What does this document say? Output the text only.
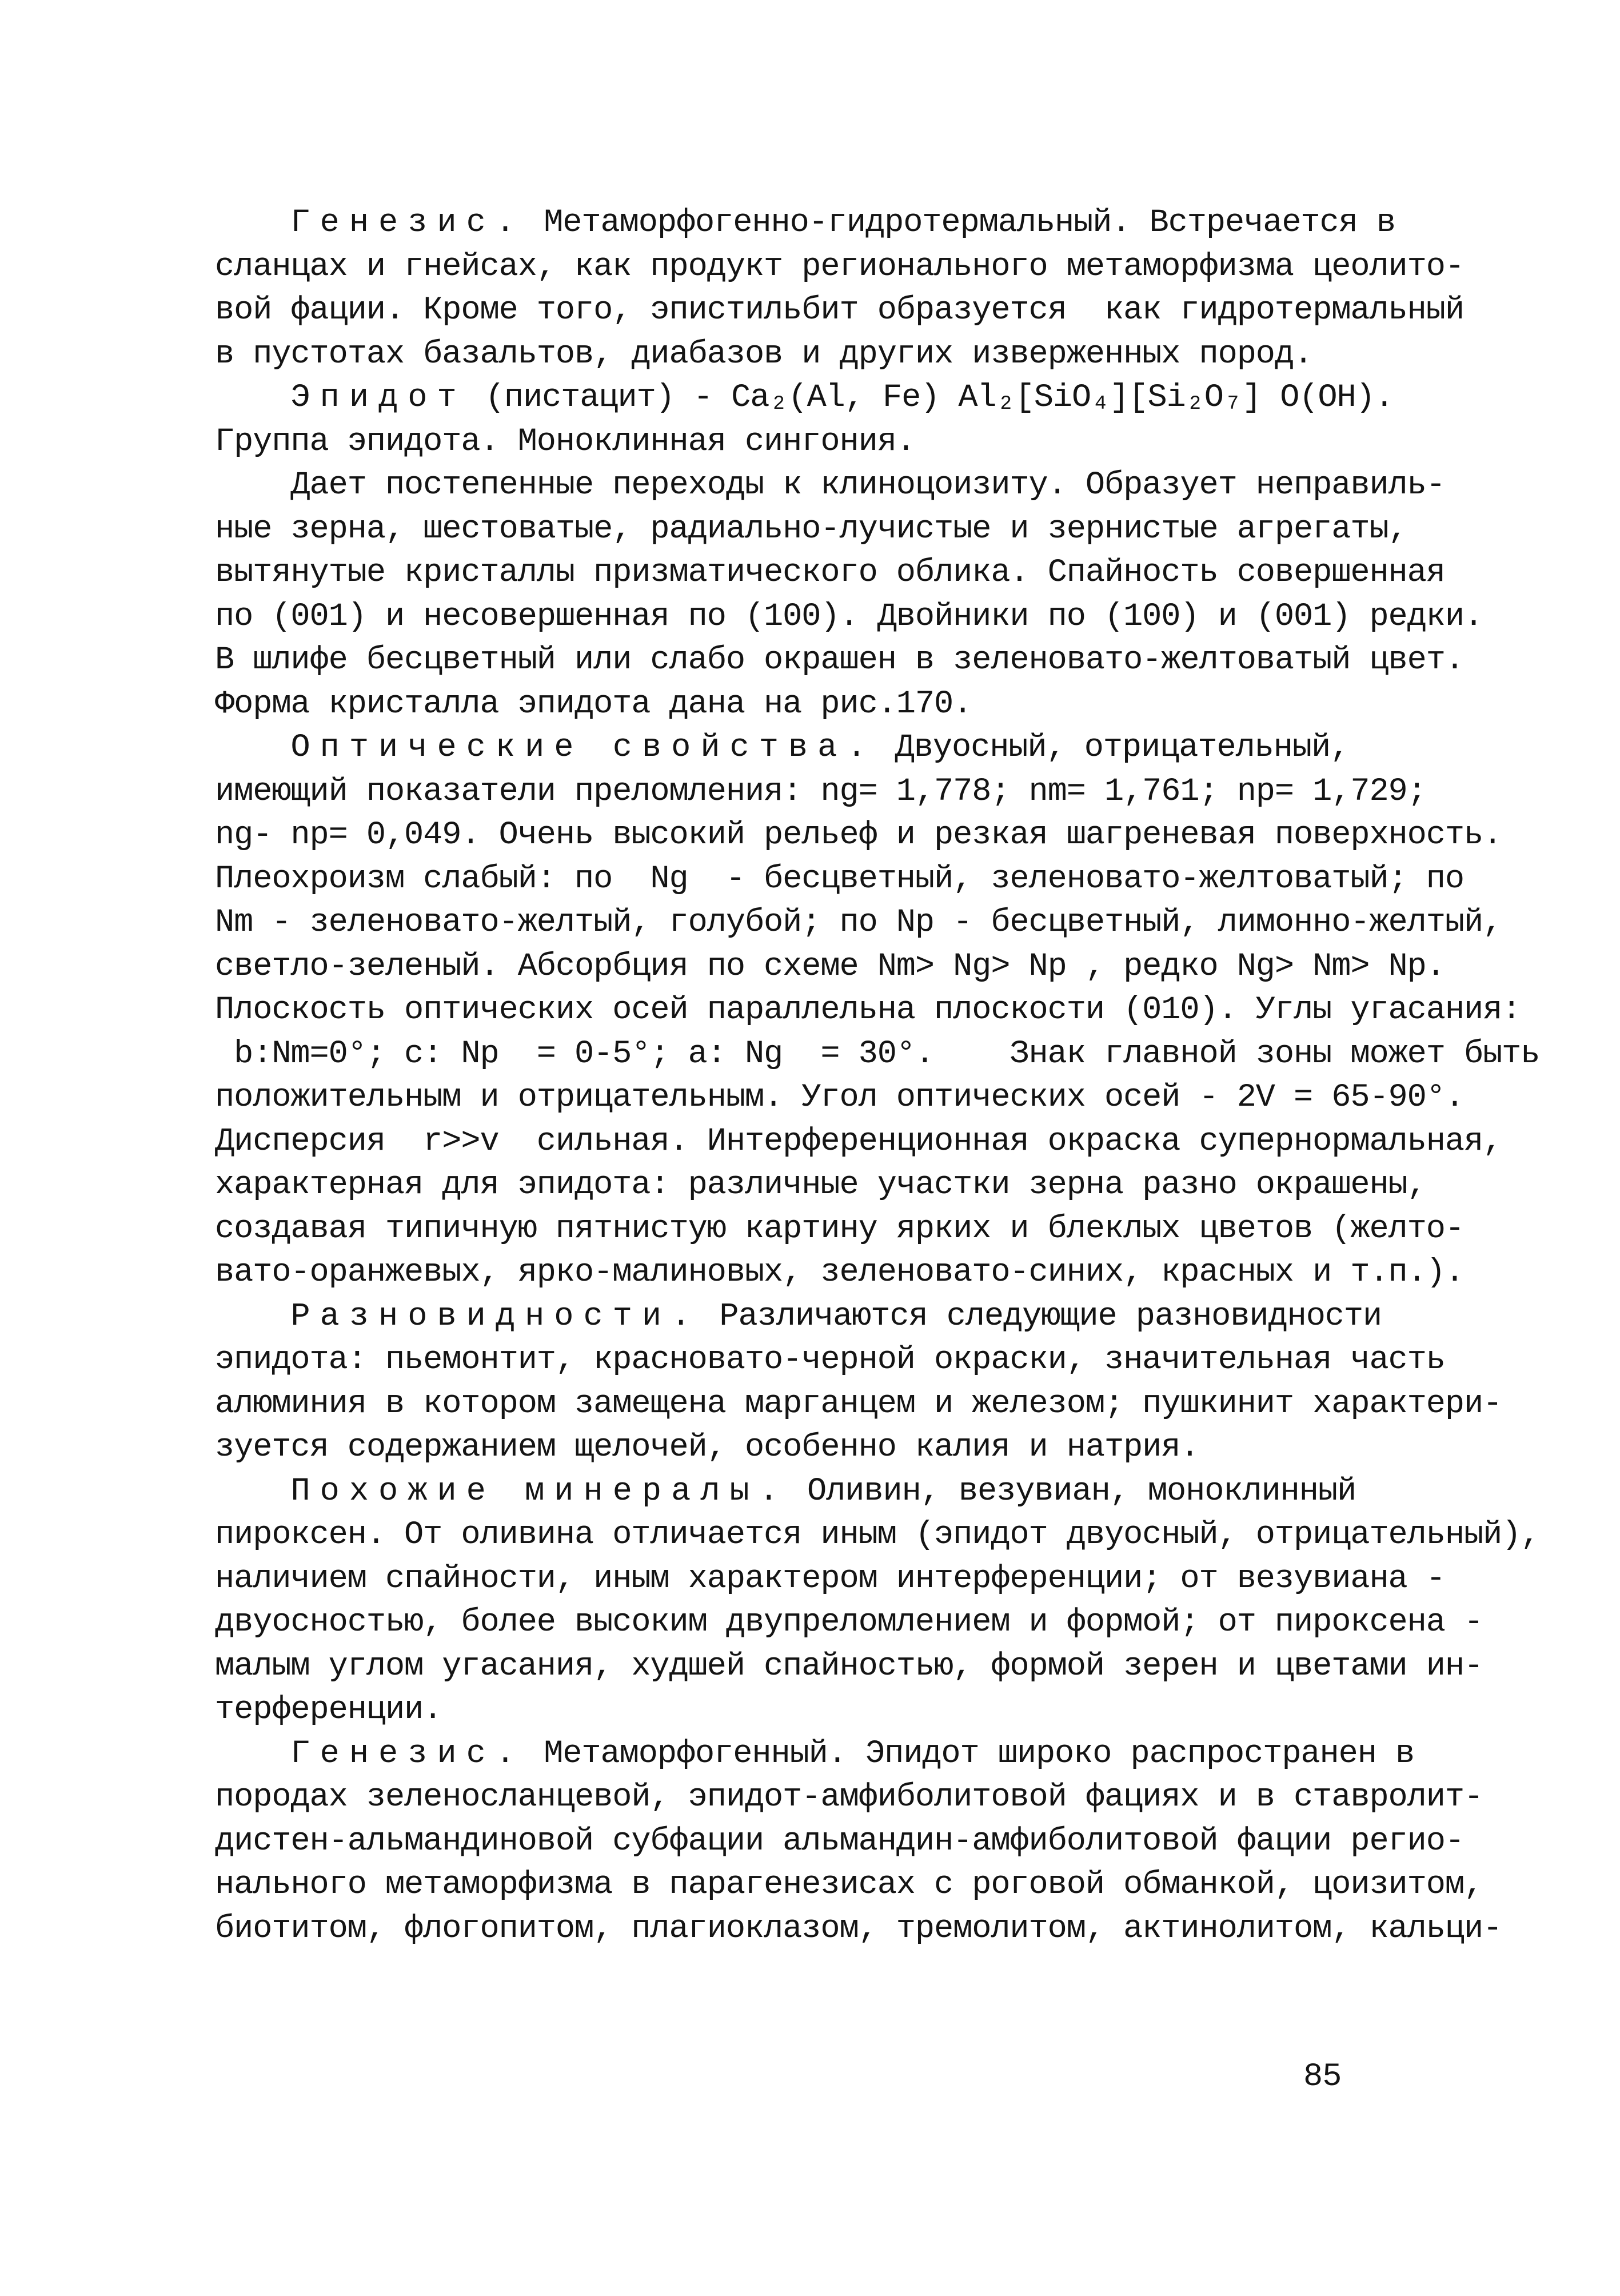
Генезис. Метаморфогенно-гидротермальный. Встречается в
сланцах и гнейсах, как продукт регионального метаморфизма цеолито-
вой фации. Кроме того, эпистильбит образуется  как гидротермальный
в пустотах базальтов, диабазов и других изверженных пород.
Эпидот (пистацит) - Ca₂(Al, Fe) Al₂[SiO₄][Si₂O₇] O(OH).
Группа эпидота. Моноклинная сингония.
Дает постепенные переходы к клиноцоизиту. Образует неправиль-
ные зерна, шестоватые, радиально-лучистые и зернистые агрегаты,
вытянутые кристаллы призматического облика. Спайность совершенная
по (001) и несовершенная по (100). Двойники по (100) и (001) редки.
В шлифе бесцветный или слабо окрашен в зеленовато-желтоватый цвет.
Форма кристалла эпидота дана на рис.170.
Оптические свойства. Двуосный, отрицательный,
имеющий показатели преломления: ng= 1,778; nm= 1,761; np= 1,729;
ng- np= 0,049. Очень высокий рельеф и резкая шагреневая поверхность.
Плеохроизм слабый: по  Ng  - бесцветный, зеленовато-желтоватый; по
Nm - зеленовато-желтый, голубой; по Np - бесцветный, лимонно-желтый,
светло-зеленый. Абсорбция по схеме Nm> Ng> Np , редко Ng> Nm> Np.
Плоскость оптических осей параллельна плоскости (010). Углы угасания:
b:Nm=0°; c: Np  = 0-5°; a: Ng  = 30°.    Знак главной зоны может быть
положительным и отрицательным. Угол оптических осей - 2V = 65-90°.
Дисперсия  r>>v  сильная. Интерференционная окраска супернормальная,
характерная для эпидота: различные участки зерна разно окрашены,
создавая типичную пятнистую картину ярких и блеклых цветов (желто-
вато-оранжевых, ярко-малиновых, зеленовато-синих, красных и т.п.).
Разновидности. Различаются следующие разновидности
эпидота: пьемонтит, красновато-черной окраски, значительная часть
алюминия в котором замещена марганцем и железом; пушкинит характери-
зуется содержанием щелочей, особенно калия и натрия.
Похожие минералы. Оливин, везувиан, моноклинный
пироксен. От оливина отличается иным (эпидот двуосный, отрицательный),
наличием спайности, иным характером интерференции; от везувиана -
двуосностью, более высоким двупреломлением и формой; от пироксена -
малым углом угасания, худшей спайностью, формой зерен и цветами ин-
терференции.
Генезис. Метаморфогенный. Эпидот широко распространен в
породах зеленосланцевой, эпидот-амфиболитовой фациях и в ставролит-
дистен-альмандиновой субфации альмандин-амфиболитовой фации регио-
нального метаморфизма в парагенезисах с роговой обманкой, цоизитом,
биотитом, флогопитом, плагиоклазом, тремолитом, актинолитом, кальци-
85
